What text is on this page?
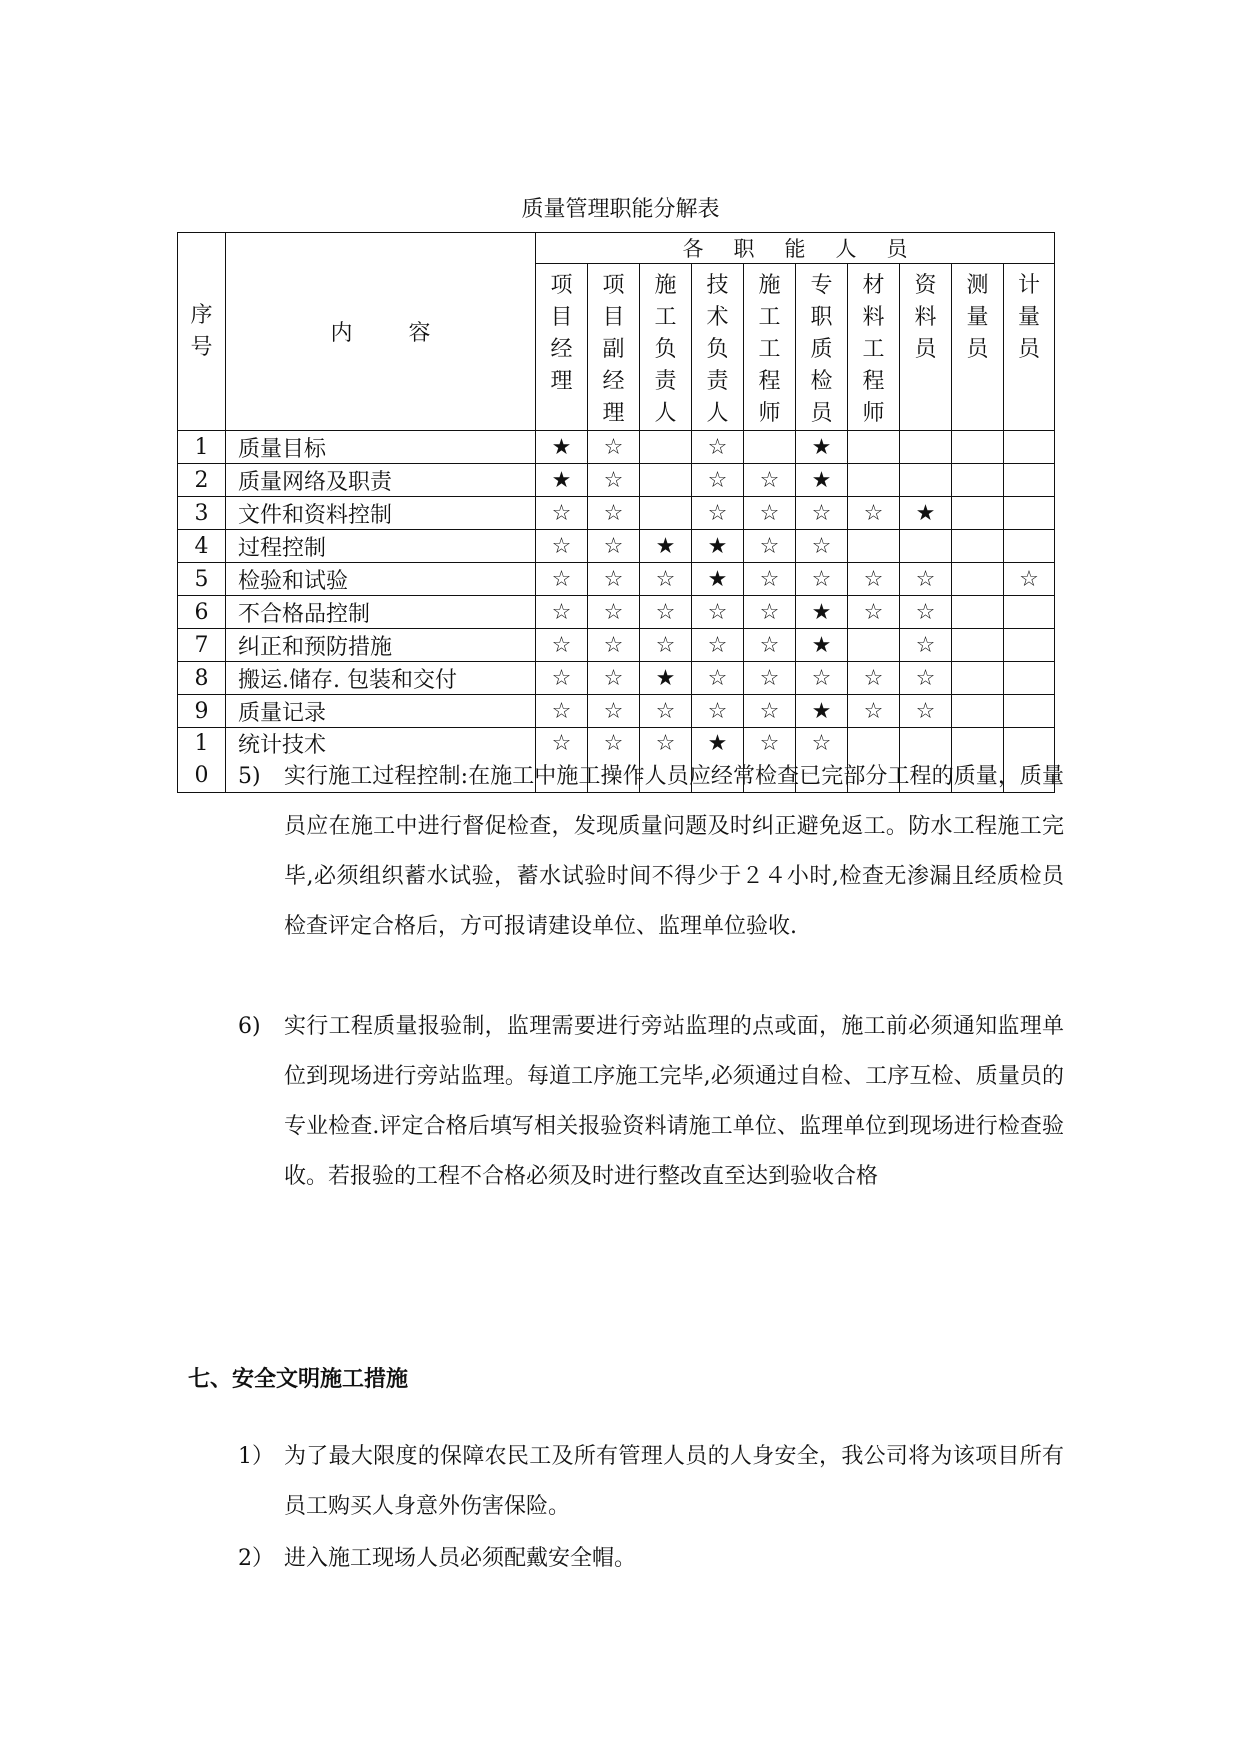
质量管理职能分解表
序号	内容	各职能人员									

		项目经理	项目副经理	施工负责人	技术负责人	施工工程师	专职质检员	材料工程师	资料员	测量员	计量员

1	质量目标	★	☆		☆		★				
2	质量网络及职责	★	☆		☆	☆	★				
3	文件和资料控制	☆	☆		☆	☆	☆	☆	★		
4	过程控制	☆	☆	★	★	☆	☆				
5	检验和试验	☆	☆	☆	★	☆	☆	☆	☆		☆
6	不合格品控制	☆	☆	☆	☆	☆	★	☆	☆		
7	纠正和预防措施	☆	☆	☆	☆	☆	★		☆		
8	搬运.储存. 包装和交付	☆	☆	★	☆	☆	☆	☆	☆		
9	质量记录	☆	☆	☆	☆	☆	★	☆	☆		

10	统计技术	☆	☆	☆	★	☆	☆				
5) 实行施工过程控制:在施工中施工操作人员应经常检查已完部分工程的质量，质量员应在施工中进行督促检查，发现质量问题及时纠正避免返工。防水工程施工完毕,必须组织蓄水试验，蓄水试验时间不得少于２４小时,检查无渗漏且经质检员检查评定合格后，方可报请建设单位、监理单位验收.
6) 实行工程质量报验制，监理需要进行旁站监理的点或面，施工前必须通知监理单位到现场进行旁站监理。每道工序施工完毕,必须通过自检、工序互检、质量员的专业检查.评定合格后填写相关报验资料请施工单位、监理单位到现场进行检查验收。若报验的工程不合格必须及时进行整改直至达到验收合格
七、安全文明施工措施
1） 为了最大限度的保障农民工及所有管理人员的人身安全，我公司将为该项目所有员工购买人身意外伤害保险。
2） 进入施工现场人员必须配戴安全帽。
